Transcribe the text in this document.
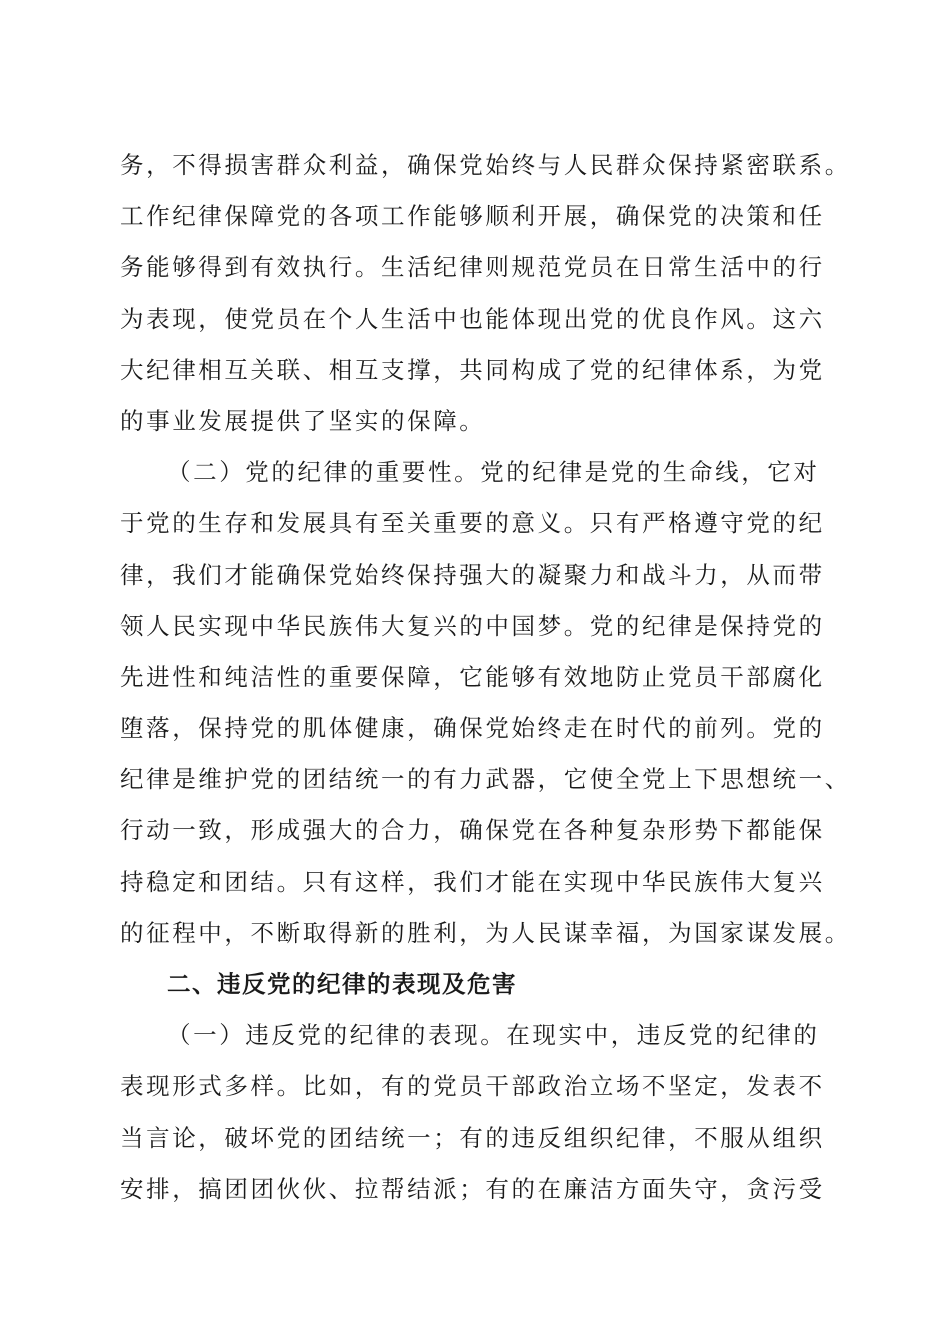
务，不得损害群众利益，确保党始终与人民群众保持紧密联系。
工作纪律保障党的各项工作能够顺利开展，确保党的决策和任
务能够得到有效执行。生活纪律则规范党员在日常生活中的行
为表现，使党员在个人生活中也能体现出党的优良作风。这六
大纪律相互关联、相互支撑，共同构成了党的纪律体系，为党
的事业发展提供了坚实的保障。
（二）党的纪律的重要性。党的纪律是党的生命线，它对
于党的生存和发展具有至关重要的意义。只有严格遵守党的纪
律，我们才能确保党始终保持强大的凝聚力和战斗力，从而带
领人民实现中华民族伟大复兴的中国梦。党的纪律是保持党的
先进性和纯洁性的重要保障，它能够有效地防止党员干部腐化
堕落，保持党的肌体健康，确保党始终走在时代的前列。党的
纪律是维护党的团结统一的有力武器，它使全党上下思想统一、
行动一致，形成强大的合力，确保党在各种复杂形势下都能保
持稳定和团结。只有这样，我们才能在实现中华民族伟大复兴
的征程中，不断取得新的胜利，为人民谋幸福，为国家谋发展。
二、违反党的纪律的表现及危害
（一）违反党的纪律的表现。在现实中，违反党的纪律的
表现形式多样。比如，有的党员干部政治立场不坚定，发表不
当言论，破坏党的团结统一；有的违反组织纪律，不服从组织
安排，搞团团伙伙、拉帮结派；有的在廉洁方面失守，贪污受
